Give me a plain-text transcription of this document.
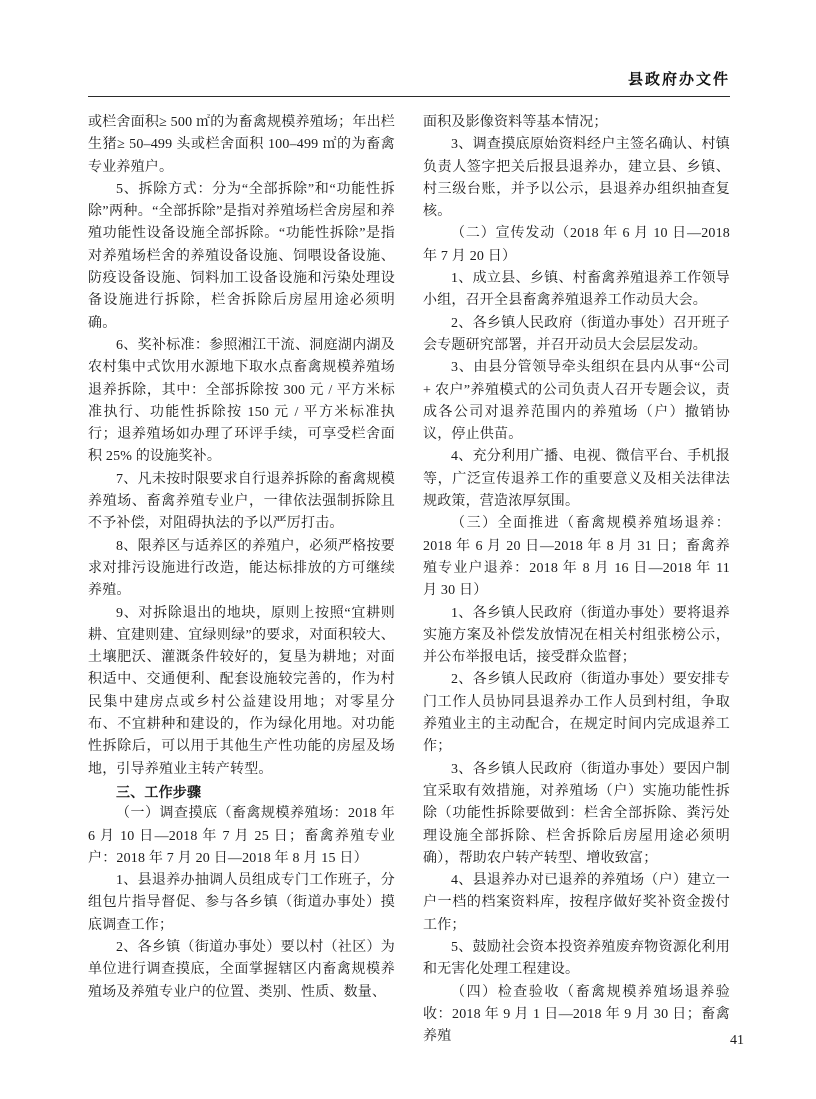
县政府办文件

或栏舍面积≥ 500 ㎡的为畜禽规模养殖场；年出栏生猪≥ 50–499 头或栏舍面积 100–499 ㎡的为畜禽专业养殖户。

5、拆除方式：分为“全部拆除”和“功能性拆除”两种。“全部拆除”是指对养殖场栏舍房屋和养殖功能性设备设施全部拆除。“功能性拆除”是指对养殖场栏舍的养殖设备设施、饲喂设备设施、防疫设备设施、饲料加工设备设施和污染处理设备设施进行拆除，栏舍拆除后房屋用途必须明确。

6、奖补标准：参照湘江干流、洞庭湖内湖及农村集中式饮用水源地下取水点畜禽规模养殖场退养拆除，其中：全部拆除按 300 元 / 平方米标准执行、功能性拆除按 150 元 / 平方米标准执行；退养殖场如办理了环评手续，可享受栏舍面积 25% 的设施奖补。

7、凡未按时限要求自行退养拆除的畜禽规模养殖场、畜禽养殖专业户，一律依法强制拆除且不予补偿，对阻碍执法的予以严厉打击。

8、限养区与适养区的养殖户，必须严格按要求对排污设施进行改造，能达标排放的方可继续养殖。

9、对拆除退出的地块，原则上按照“宜耕则耕、宜建则建、宜绿则绿”的要求，对面积较大、土壤肥沃、灌溉条件较好的，复垦为耕地；对面积适中、交通便利、配套设施较完善的，作为村民集中建房点或乡村公益建设用地；对零星分布、不宜耕种和建设的，作为绿化用地。对功能性拆除后，可以用于其他生产性功能的房屋及场地，引导养殖业主转产转型。

三、工作步骤

（一）调查摸底（畜禽规模养殖场：2018 年 6 月 10 日—2018 年 7 月 25 日；畜禽养殖专业户：2018 年 7 月 20 日—2018 年 8 月 15 日）

1、县退养办抽调人员组成专门工作班子，分组包片指导督促、参与各乡镇（街道办事处）摸底调查工作；

2、各乡镇（街道办事处）要以村（社区）为单位进行调查摸底，全面掌握辖区内畜禽规模养殖场及养殖专业户的位置、类别、性质、数量、

面积及影像资料等基本情况；

3、调查摸底原始资料经户主签名确认、村镇负责人签字把关后报县退养办，建立县、乡镇、村三级台账，并予以公示，县退养办组织抽查复核。

（二）宣传发动（2018 年 6 月 10 日—2018 年 7 月 20 日）

1、成立县、乡镇、村畜禽养殖退养工作领导小组，召开全县畜禽养殖退养工作动员大会。

2、各乡镇人民政府（街道办事处）召开班子会专题研究部署，并召开动员大会层层发动。

3、由县分管领导牵头组织在县内从事“公司 + 农户”养殖模式的公司负责人召开专题会议，责成各公司对退养范围内的养殖场（户）撤销协议，停止供苗。

4、充分利用广播、电视、微信平台、手机报等，广泛宣传退养工作的重要意义及相关法律法规政策，营造浓厚氛围。

（三）全面推进（畜禽规模养殖场退养：2018 年 6 月 20 日—2018 年 8 月 31 日；畜禽养殖专业户退养：2018 年 8 月 16 日—2018 年 11 月 30 日）

1、各乡镇人民政府（街道办事处）要将退养实施方案及补偿发放情况在相关村组张榜公示，并公布举报电话，接受群众监督；

2、各乡镇人民政府（街道办事处）要安排专门工作人员协同县退养办工作人员到村组，争取养殖业主的主动配合，在规定时间内完成退养工作；

3、各乡镇人民政府（街道办事处）要因户制宜采取有效措施，对养殖场（户）实施功能性拆除（功能性拆除要做到：栏舍全部拆除、粪污处理设施全部拆除、栏舍拆除后房屋用途必须明确），帮助农户转产转型、增收致富；

4、县退养办对已退养的养殖场（户）建立一户一档的档案资料库，按程序做好奖补资金拨付工作；

5、鼓励社会资本投资养殖废弃物资源化利用和无害化处理工程建设。

（四）检查验收（畜禽规模养殖场退养验收：2018 年 9 月 1 日—2018 年 9 月 30 日；畜禽养殖	41
